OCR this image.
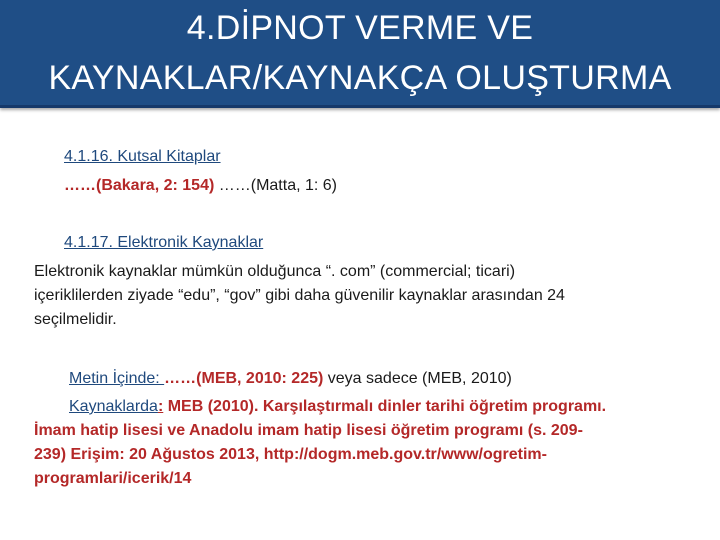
4.DİPNOT VERME VE
KAYNAKLAR/KAYNAKÇA OLUŞTURMA
4.1.16. Kutsal Kitaplar
……(Bakara, 2: 154) ……(Matta, 1: 6)
4.1.17. Elektronik Kaynaklar
Elektronik kaynaklar mümkün olduğunca “. com” (commercial; ticari)
içeriklilerden ziyade “edu”, “gov” gibi daha güvenilir kaynaklar arasından 24
seçilmelidir.
Metin İçinde: ……(MEB, 2010: 225) veya sadece (MEB, 2010)
Kaynaklarda: MEB (2010). Karşılaştırmalı dinler tarihi öğretim programı.
İmam hatip lisesi ve Anadolu imam hatip lisesi öğretim programı (s. 209-
239) Erişim: 20 Ağustos 2013, http://dogm.meb.gov.tr/www/ogretim-
programlari/icerik/14
